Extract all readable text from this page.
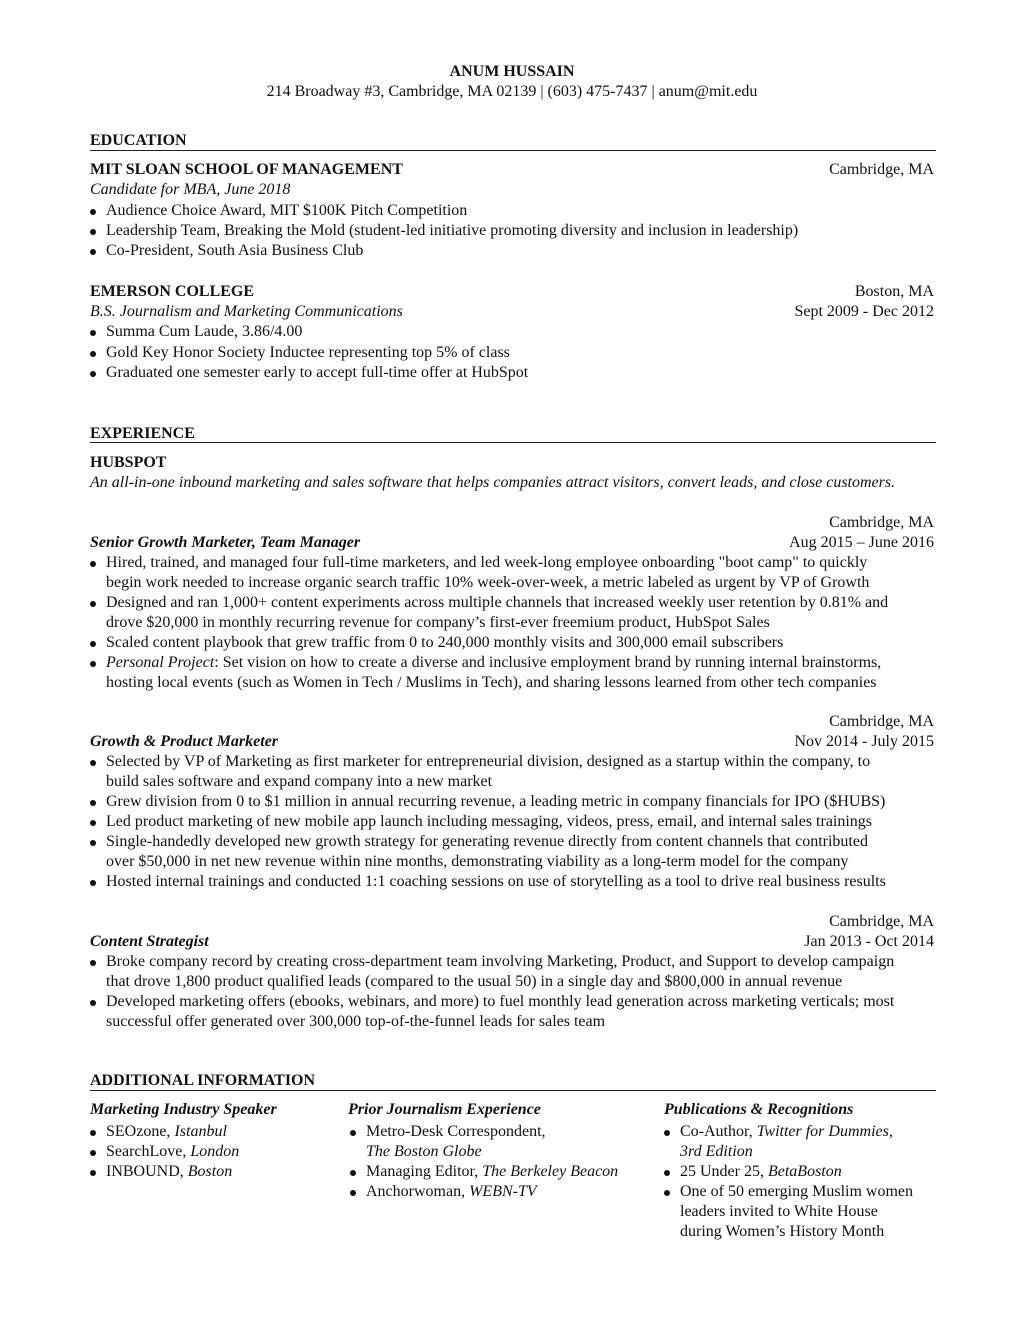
ANUM HUSSAIN
214 Broadway #3, Cambridge, MA 02139 | (603) 475-7437 | anum@mit.edu
EDUCATION
MIT SLOAN SCHOOL OF MANAGEMENT	Cambridge, MA
Candidate for MBA, June 2018
Audience Choice Award, MIT $100K Pitch Competition
Leadership Team, Breaking the Mold (student-led initiative promoting diversity and inclusion in leadership)
Co-President, South Asia Business Club
EMERSON COLLEGE	Boston, MA
B.S. Journalism and Marketing Communications	Sept 2009 - Dec 2012
Summa Cum Laude, 3.86/4.00
Gold Key Honor Society Inductee representing top 5% of class
Graduated one semester early to accept full-time offer at HubSpot
EXPERIENCE
HUBSPOT
An all-in-one inbound marketing and sales software that helps companies attract visitors, convert leads, and close customers.
Cambridge, MA
Senior Growth Marketer, Team Manager	Aug 2015 – June 2016
Hired, trained, and managed four full-time marketers, and led week-long employee onboarding "boot camp" to quickly
begin work needed to increase organic search traffic 10% week-over-week, a metric labeled as urgent by VP of Growth
Designed and ran 1,000+ content experiments across multiple channels that increased weekly user retention by 0.81% and
drove $20,000 in monthly recurring revenue for company’s first-ever freemium product, HubSpot Sales
Scaled content playbook that grew traffic from 0 to 240,000 monthly visits and 300,000 email subscribers
Personal Project: Set vision on how to create a diverse and inclusive employment brand by running internal brainstorms,
hosting local events (such as Women in Tech / Muslims in Tech), and sharing lessons learned from other tech companies
Cambridge, MA
Growth & Product Marketer	Nov 2014 - July 2015
Selected by VP of Marketing as first marketer for entrepreneurial division, designed as a startup within the company, to
build sales software and expand company into a new market
Grew division from 0 to $1 million in annual recurring revenue, a leading metric in company financials for IPO ($HUBS)
Led product marketing of new mobile app launch including messaging, videos, press, email, and internal sales trainings
Single-handedly developed new growth strategy for generating revenue directly from content channels that contributed
over $50,000 in net new revenue within nine months, demonstrating viability as a long-term model for the company
Hosted internal trainings and conducted 1:1 coaching sessions on use of storytelling as a tool to drive real business results
Cambridge, MA
Content Strategist	Jan 2013 - Oct 2014
Broke company record by creating cross-department team involving Marketing, Product, and Support to develop campaign
that drove 1,800 product qualified leads (compared to the usual 50) in a single day and $800,000 in annual revenue
Developed marketing offers (ebooks, webinars, and more) to fuel monthly lead generation across marketing verticals; most
successful offer generated over 300,000 top-of-the-funnel leads for sales team
ADDITIONAL INFORMATION
Marketing Industry Speaker
SEOzone, Istanbul
SearchLove, London
INBOUND, Boston
Prior Journalism Experience
Metro-Desk Correspondent,
The Boston Globe
Managing Editor, The Berkeley Beacon
Anchorwoman, WEBN-TV
Publications & Recognitions
Co-Author, Twitter for Dummies,
3rd Edition
25 Under 25, BetaBoston
One of 50 emerging Muslim women
leaders invited to White House
during Women’s History Month
